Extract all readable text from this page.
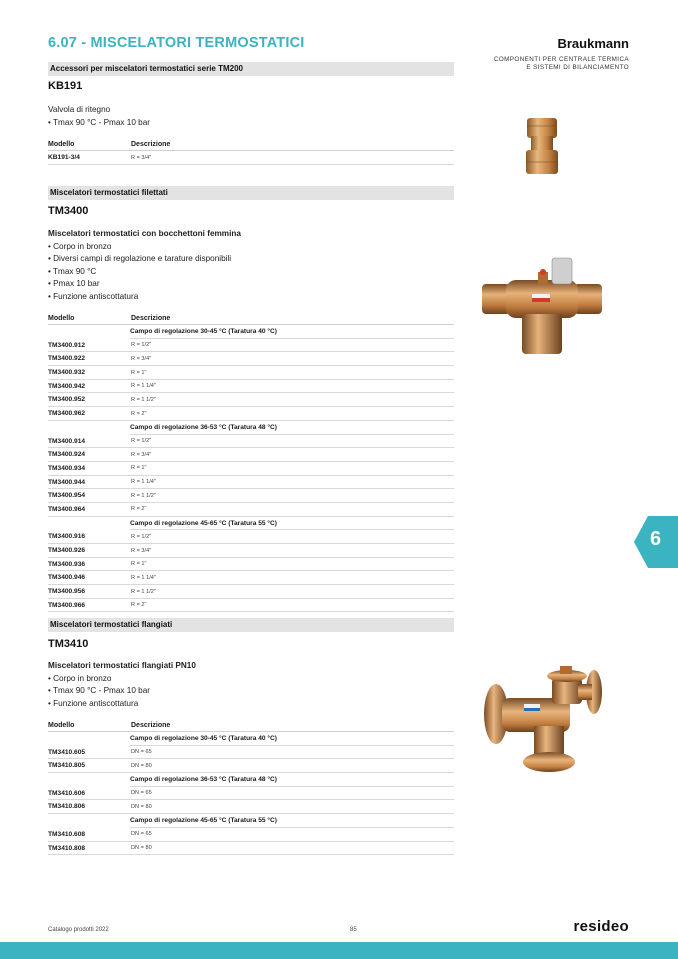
6.07 - MISCELATORI TERMOSTATICI	Braukmann
COMPONENTI PER CENTRALE TERMICA
E SISTEMI DI BILANCIAMENTO
Accessori per miscelatori termostatici serie TM200
KB191
Valvola di ritegno
• Tmax 90 °C - Pmax 10 bar
Modello	Descrizione
KB191-3/4	R = 3/4"
Miscelatori termostatici filettati
TM3400
Miscelatori termostatici con bocchettoni femmina
• Corpo in bronzo
• Diversi campi di regolazione e tarature disponibili
• Tmax 90 °C
• Pmax 10 bar
• Funzione antiscottatura
Modello	Descrizione
Campo di regolazione 30-45 °C (Taratura 40 °C)
TM3400.912	R = 1/2"
TM3400.922	R = 3/4"
TM3400.932	R = 1"
TM3400.942	R = 1 1/4"
TM3400.952	R = 1 1/2"
TM3400.962	R = 2"
Campo di regolazione 36-53 °C (Taratura 48 °C)
TM3400.914	R = 1/2"
TM3400.924	R = 3/4"
TM3400.934	R = 1"
TM3400.944	R = 1 1/4"
TM3400.954	R = 1 1/2"
TM3400.964	R = 2"
Campo di regolazione 45-65 °C (Taratura 55 °C)
TM3400.916	R = 1/2"
TM3400.926	R = 3/4"
TM3400.936	R = 1"
TM3400.946	R = 1 1/4"
TM3400.956	R = 1 1/2"
TM3400.966	R = 2"
6
Miscelatori termostatici flangiati
TM3410
Miscelatori termostatici flangiati PN10
• Corpo in bronzo
• Tmax 90 °C - Pmax 10 bar
• Funzione antiscottatura
Modello	Descrizione
Campo di regolazione 30-45 °C (Taratura 40 °C)
TM3410.605	DN = 65
TM3410.805	DN = 80
Campo di regolazione 36-53 °C (Taratura 48 °C)
TM3410.606	DN = 65
TM3410.806	DN = 80
Campo di regolazione 45-65 °C (Taratura 55 °C)
TM3410.608	DN = 65
TM3410.808	DN = 80
Catalogo prodotti 2022	85	resideo
